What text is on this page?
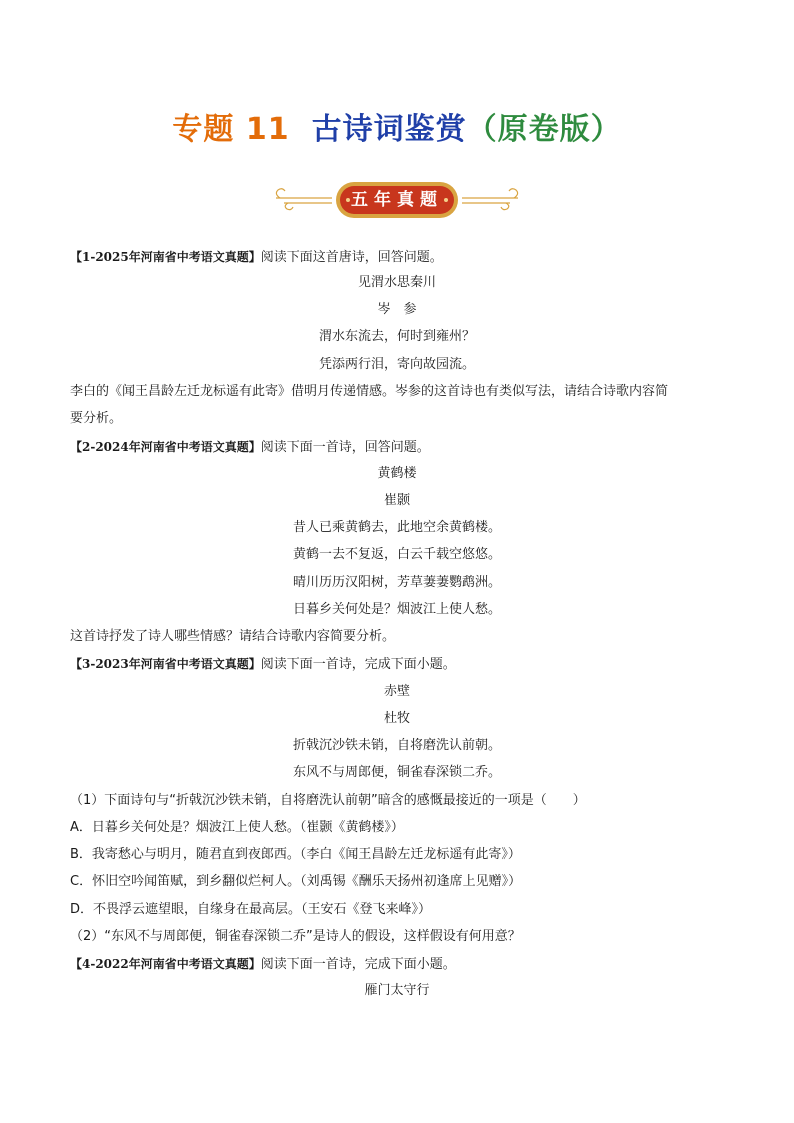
专题 11 古诗词鉴赏（原卷版）
五年真题
【1-2025年河南省中考语文真题】阅读下面这首唐诗，回答问题。
见渭水思秦川
岑　参
渭水东流去，何时到雍州？
凭添两行泪，寄向故园流。
李白的《闻王昌龄左迁龙标遥有此寄》借明月传递情感。岑参的这首诗也有类似写法，请结合诗歌内容简
要分析。
【2-2024年河南省中考语文真题】阅读下面一首诗，回答问题。
黄鹤楼
崔颢
昔人已乘黄鹤去，此地空余黄鹤楼。
黄鹤一去不复返，白云千载空悠悠。
晴川历历汉阳树，芳草萋萋鹦鹉洲。
日暮乡关何处是？烟波江上使人愁。
这首诗抒发了诗人哪些情感？请结合诗歌内容简要分析。
【3-2023年河南省中考语文真题】阅读下面一首诗，完成下面小题。
赤壁
杜牧
折戟沉沙铁未销，自将磨洗认前朝。
东风不与周郎便，铜雀春深锁二乔。
（1）下面诗句与“折戟沉沙铁未销，自将磨洗认前朝”暗含的感慨最接近的一项是（　　）
A．日暮乡关何处是？烟波江上使人愁。（崔颢《黄鹤楼》）
B．我寄愁心与明月，随君直到夜郎西。（李白《闻王昌龄左迁龙标遥有此寄》）
C．怀旧空吟闻笛赋，到乡翻似烂柯人。（刘禹锡《酬乐天扬州初逢席上见赠》）
D．不畏浮云遮望眼，自缘身在最高层。（王安石《登飞来峰》）
（2）“东风不与周郎便，铜雀春深锁二乔”是诗人的假设，这样假设有何用意？
【4-2022年河南省中考语文真题】阅读下面一首诗，完成下面小题。
雁门太守行
